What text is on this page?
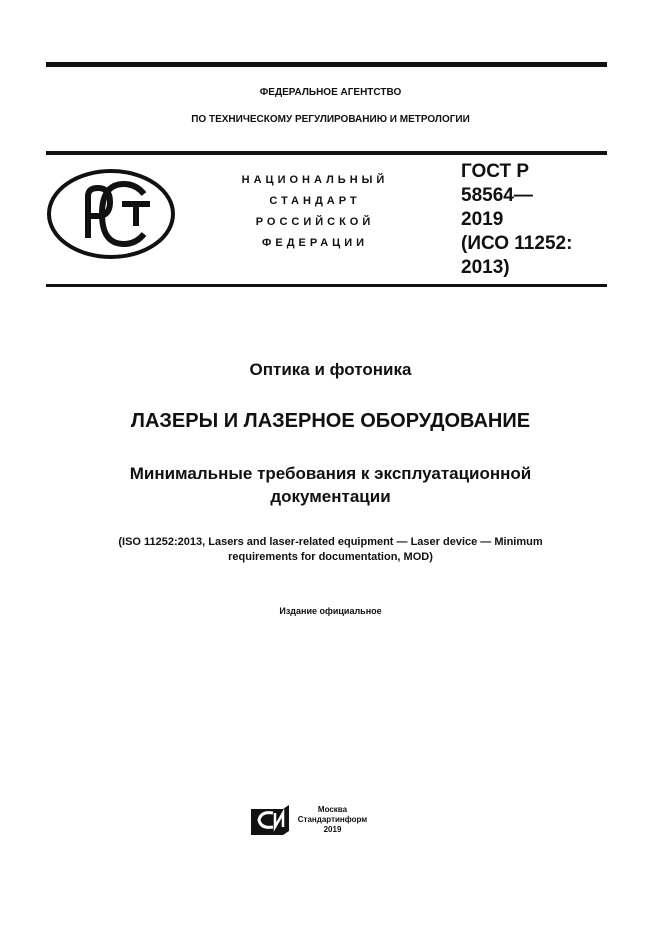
ФЕДЕРАЛЬНОЕ АГЕНТСТВО
ПО ТЕХНИЧЕСКОМУ РЕГУЛИРОВАНИЮ И МЕТРОЛОГИИ
НАЦИОНАЛЬНЫЙ
СТАНДАРТ
РОССИЙСКОЙ
ФЕДЕРАЦИИ
ГОСТ Р
58564—
2019
(ИСО 11252:
2013)
Оптика и фотоника
ЛАЗЕРЫ И ЛАЗЕРНОЕ ОБОРУДОВАНИЕ
Минимальные требования к эксплуатационной
документации
(ISO 11252:2013, Lasers and laser-related equipment — Laser device — Minimum
requirements for documentation, MOD)
Издание официальное
Москва
Стандартинформ
2019
